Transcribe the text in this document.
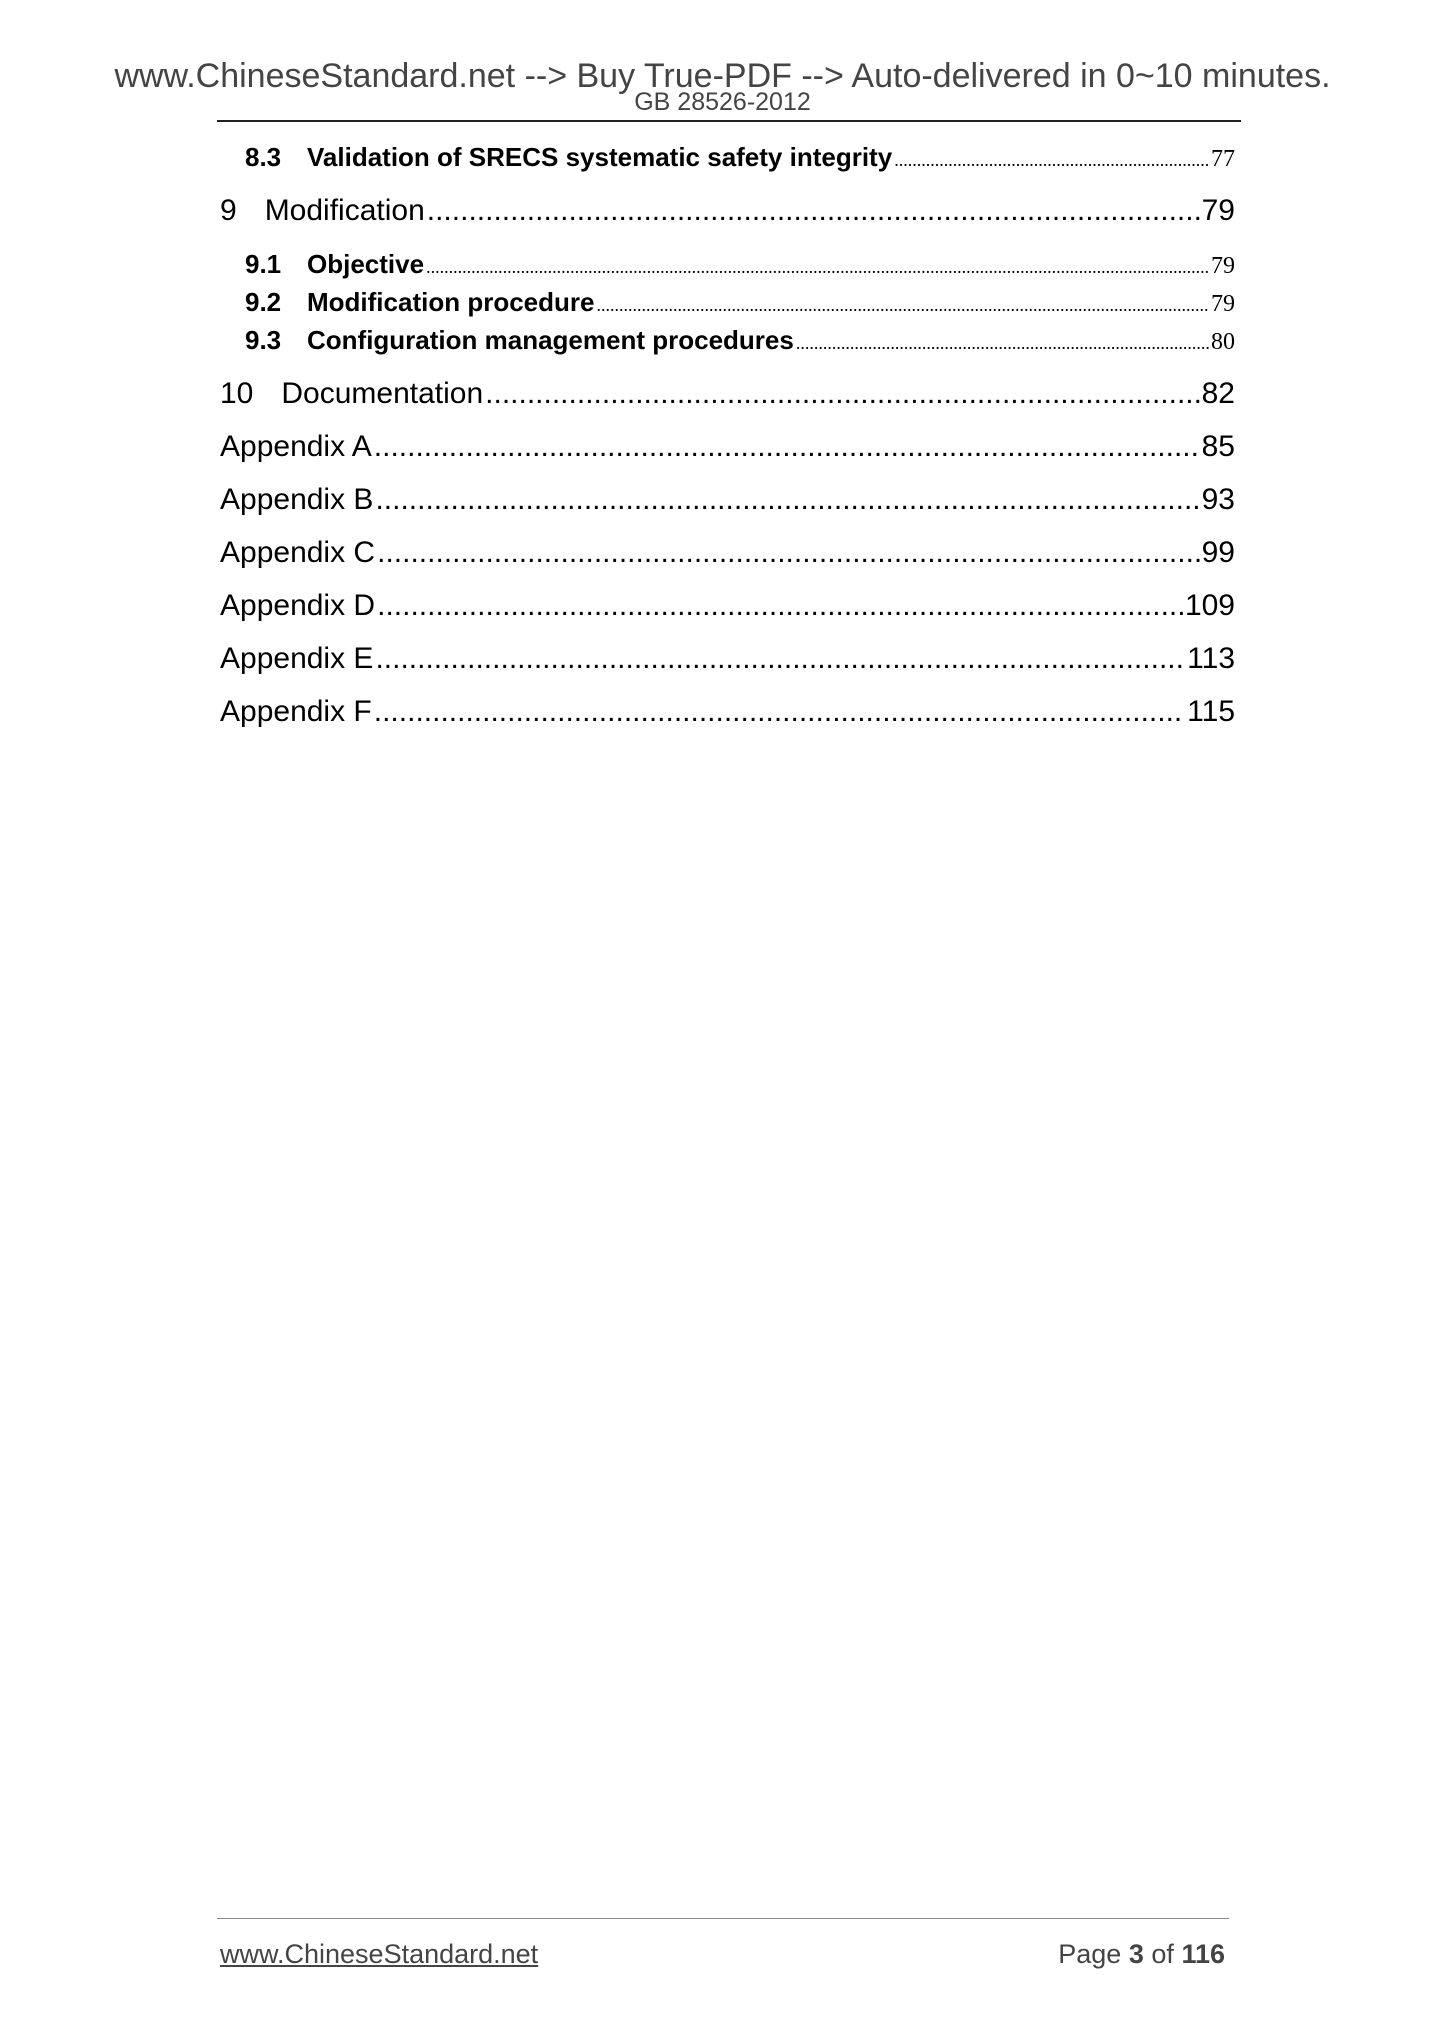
www.ChineseStandard.net --> Buy True-PDF --> Auto-delivered in 0~10 minutes.
GB 28526-2012
8.3 Validation of SRECS systematic safety integrity .....	77
9 Modification .....	79
9.1 Objective .....	79
9.2 Modification procedure .....	79
9.3 Configuration management procedures .....	80
10 Documentation .....	82
Appendix A .....	85
Appendix B .....	93
Appendix C .....	99
Appendix D .....	109
Appendix E .....	113
Appendix F .....	115
www.ChineseStandard.net	Page 3 of 116
